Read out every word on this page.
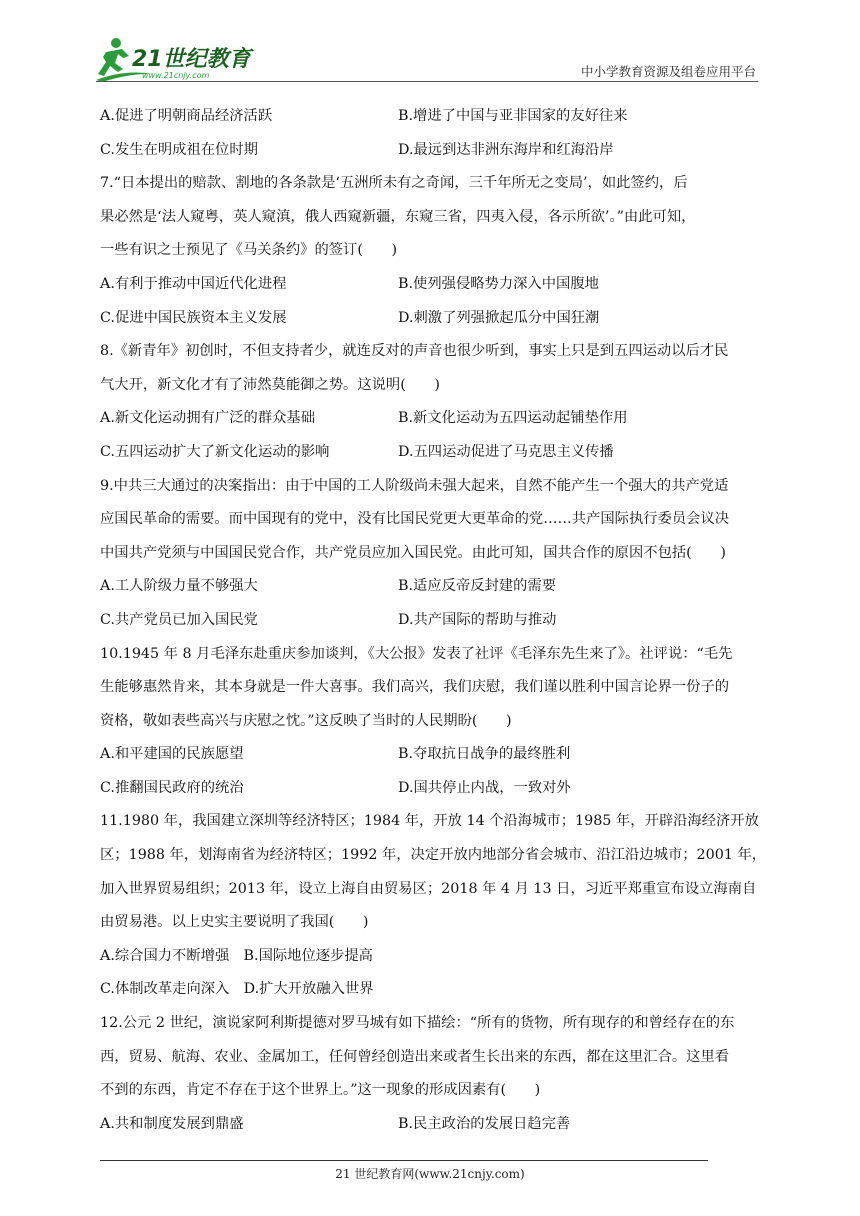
21世纪教育
www.21cnjy.com	中小学教育资源及组卷应用平台
A.促进了明朝商品经济活跃	B.增进了中国与亚非国家的友好往来
C.发生在明成祖在位时期	D.最远到达非洲东海岸和红海沿岸
7.“日本提出的赔款、割地的各条款是‘五洲所未有之奇闻，三千年所无之变局’，如此签约，后
果必然是‘法人窥粤，英人窥滇，俄人西窥新疆，东窥三省，四夷入侵，各示所欲’。”由此可知，
一些有识之士预见了《马关条约》的签订(　　)
A.有利于推动中国近代化进程	B.使列强侵略势力深入中国腹地
C.促进中国民族资本主义发展	D.刺激了列强掀起瓜分中国狂潮
8.《新青年》初创时，不但支持者少，就连反对的声音也很少听到，事实上只是到五四运动以后才民
气大开，新文化才有了沛然莫能御之势。这说明(　　)
A.新文化运动拥有广泛的群众基础	B.新文化运动为五四运动起铺垫作用
C.五四运动扩大了新文化运动的影响	D.五四运动促进了马克思主义传播
9.中共三大通过的决案指出：由于中国的工人阶级尚未强大起来，自然不能产生一个强大的共产党适
应国民革命的需要。而中国现有的党中，没有比国民党更大更革命的党……共产国际执行委员会议决
中国共产党须与中国国民党合作，共产党员应加入国民党。由此可知，国共合作的原因不包括(　　)
A.工人阶级力量不够强大	B.适应反帝反封建的需要
C.共产党员已加入国民党	D.共产国际的帮助与推动
10.1945 年 8 月毛泽东赴重庆参加谈判，《大公报》发表了社评《毛泽东先生来了》。社评说：“毛先
生能够惠然肯来，其本身就是一件大喜事。我们高兴，我们庆慰，我们谨以胜利中国言论界一份子的
资格，敬如表些高兴与庆慰之忱。”这反映了当时的人民期盼(　　)
A.和平建国的民族愿望	B.夺取抗日战争的最终胜利
C.推翻国民政府的统治	D.国共停止内战，一致对外
11.1980 年，我国建立深圳等经济特区；1984 年，开放 14 个沿海城市；1985 年，开辟沿海经济开放
区；1988 年，划海南省为经济特区；1992 年，决定开放内地部分省会城市、沿江沿边城市；2001 年，
加入世界贸易组织；2013 年，设立上海自由贸易区；2018 年 4 月 13 日，习近平郑重宣布设立海南自
由贸易港。以上史实主要说明了我国(　　)
A.综合国力不断增强　B.国际地位逐步提高
C.体制改革走向深入　D.扩大开放融入世界
12.公元 2 世纪，演说家阿利斯提德对罗马城有如下描绘：“所有的货物，所有现存的和曾经存在的东
西，贸易、航海、农业、金属加工，任何曾经创造出来或者生长出来的东西，都在这里汇合。这里看
不到的东西，肯定不存在于这个世界上。”这一现象的形成因素有(　　)
A.共和制度发展到鼎盛	B.民主政治的发展日趋完善
21 世纪教育网(www.21cnjy.com)
